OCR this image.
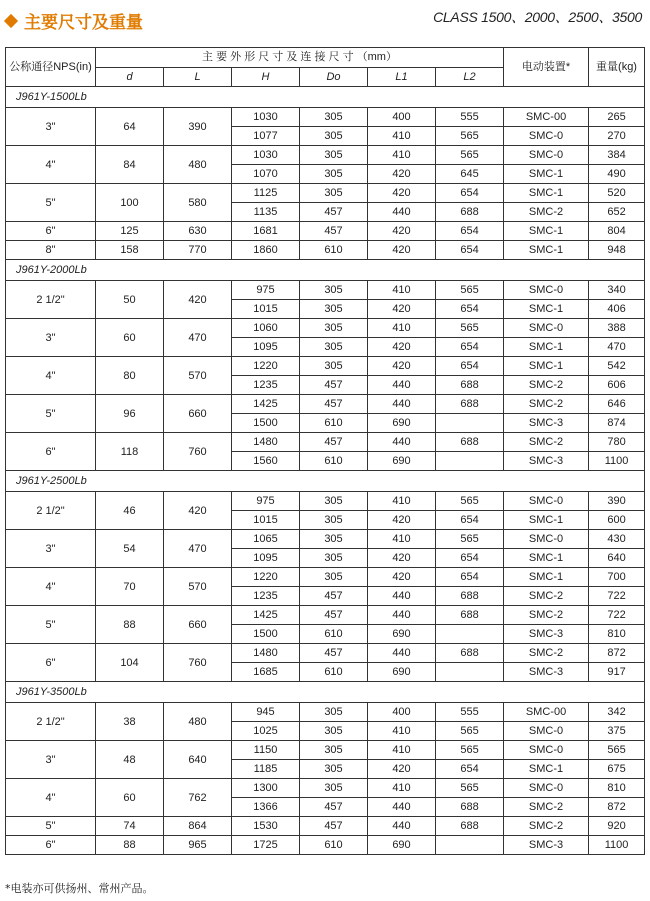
主要尺寸及重量	CLASS 1500、2000、2500、3500
公称通径NPS(in)	主 要 外 形 尺 寸 及 连 接 尺 寸 （mm）						电动装置*	重量(kg)
	d	L	H	Do	L1	L2		
J961Y-1500Lb								
3"	64	390	1030	305	400	555	SMC-00	265
			1077	305	410	565	SMC-0	270
4"	84	480	1030	305	410	565	SMC-0	384
			1070	305	420	645	SMC-1	490
5"	100	580	1125	305	420	654	SMC-1	520
			1135	457	440	688	SMC-2	652
6"	125	630	1681	457	420	654	SMC-1	804
8"	158	770	1860	610	420	654	SMC-1	948
J961Y-2000Lb								
2 1/2"	50	420	975	305	410	565	SMC-0	340
			1015	305	420	654	SMC-1	406
3"	60	470	1060	305	410	565	SMC-0	388
			1095	305	420	654	SMC-1	470
4"	80	570	1220	305	420	654	SMC-1	542
			1235	457	440	688	SMC-2	606
5"	96	660	1425	457	440	688	SMC-2	646
			1500	610	690		SMC-3	874
6"	118	760	1480	457	440	688	SMC-2	780
			1560	610	690		SMC-3	1100
J961Y-2500Lb								
2 1/2"	46	420	975	305	410	565	SMC-0	390
			1015	305	420	654	SMC-1	600
3"	54	470	1065	305	410	565	SMC-0	430
			1095	305	420	654	SMC-1	640
4"	70	570	1220	305	420	654	SMC-1	700
			1235	457	440	688	SMC-2	722
5"	88	660	1425	457	440	688	SMC-2	722
			1500	610	690		SMC-3	810
6"	104	760	1480	457	440	688	SMC-2	872
			1685	610	690		SMC-3	917
J961Y-3500Lb								
2 1/2"	38	480	945	305	400	555	SMC-00	342
			1025	305	410	565	SMC-0	375
3"	48	640	1150	305	410	565	SMC-0	565
			1185	305	420	654	SMC-1	675
4"	60	762	1300	305	410	565	SMC-0	810
			1366	457	440	688	SMC-2	872
5"	74	864	1530	457	440	688	SMC-2	920
6"	88	965	1725	610	690		SMC-3	1100
*电装亦可供扬州、常州产品。
